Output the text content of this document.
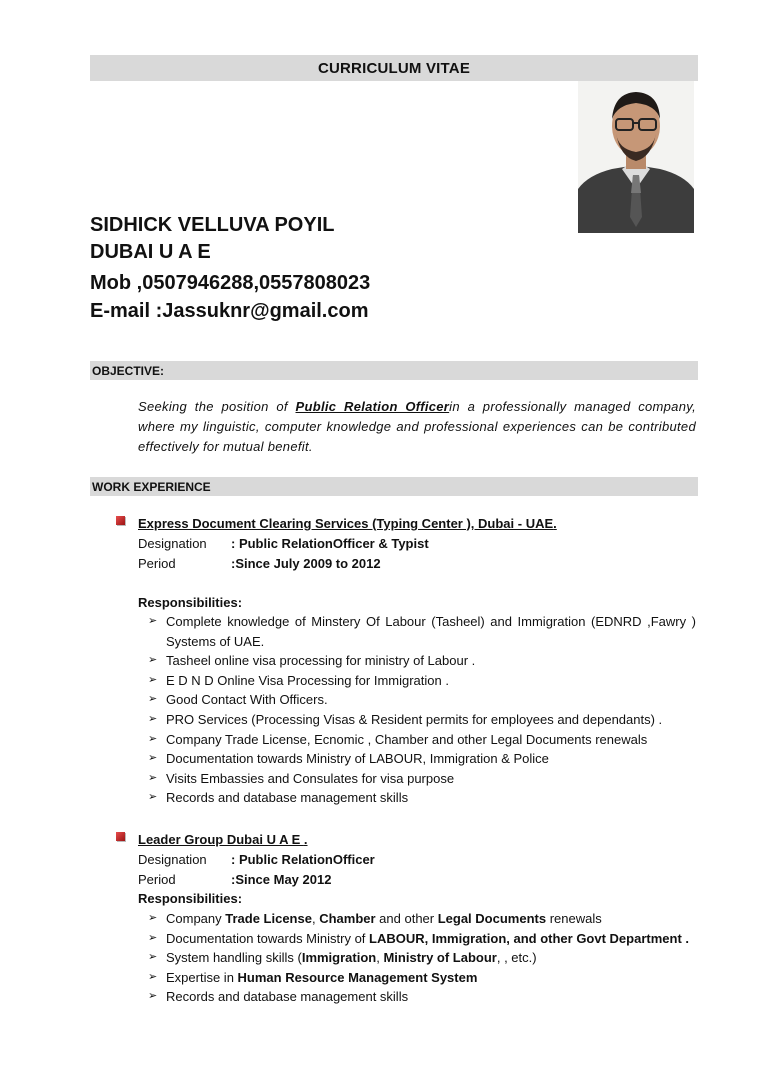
CURRICULUM VITAE
SIDHICK VELLUVA POYIL
DUBAI U A E
Mob ,0507946288,0557808023
E-mail :Jassuknr@gmail.com
OBJECTIVE:
Seeking the position of Public Relation Officerin a professionally managed company, where my linguistic, computer knowledge and professional experiences can be contributed effectively for mutual benefit.
WORK EXPERIENCE
Express Document Clearing Services (Typing Center ), Dubai - UAE.
Designation : Public RelationOfficer & Typist
Period	:Since July 2009 to 2012
Responsibilities:
➢ Complete knowledge of Minstery Of Labour (Tasheel) and Immigration (EDNRD ,Fawry ) Systems of UAE.
➢ Tasheel online visa processing for ministry of Labour .
➢ E D N D Online Visa Processing for Immigration .
➢ Good Contact With Officers.
➢ PRO Services (Processing Visas & Resident permits for employees and dependants) .
➢ Company Trade License, Ecnomic , Chamber and other Legal Documents renewals
➢ Documentation towards Ministry of LABOUR, Immigration & Police
➢ Visits Embassies and Consulates for visa purpose
➢ Records and database management skills
Leader Group Dubai U A E .
Designation : Public RelationOfficer
Period	:Since May 2012
Responsibilities:
➢ Company Trade License, Chamber and other Legal Documents renewals
➢ Documentation towards Ministry of LABOUR, Immigration, and other Govt Department .
➢ System handling skills (Immigration, Ministry of Labour, , etc.)
➢ Expertise in Human Resource Management System
➢ Records and database management skills
